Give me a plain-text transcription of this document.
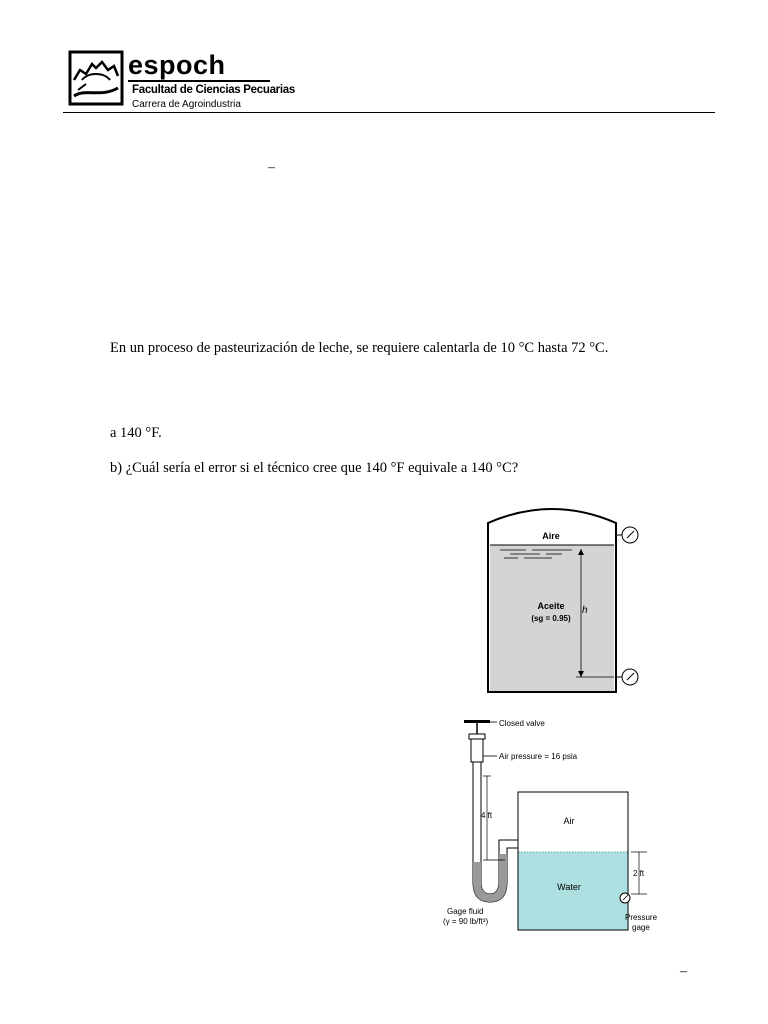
espoch
Facultad de Ciencias Pecuarias
Carrera de Agroindustria
–
En un proceso de pasteurización de leche, se requiere calentarla de 10 °C hasta 72 °C.
a 140 °F.
b) ¿Cuál sería el error si el técnico cree que 140 °F equivale a 140 °C?
h
Aire
Aceite
(sg = 0.95)
Closed valve
Air pressure = 16 psia
4 ft
Air
Water
2 ft
Gage fluid
(γ = 90 lb/ft³)	Pressure
gage
–
